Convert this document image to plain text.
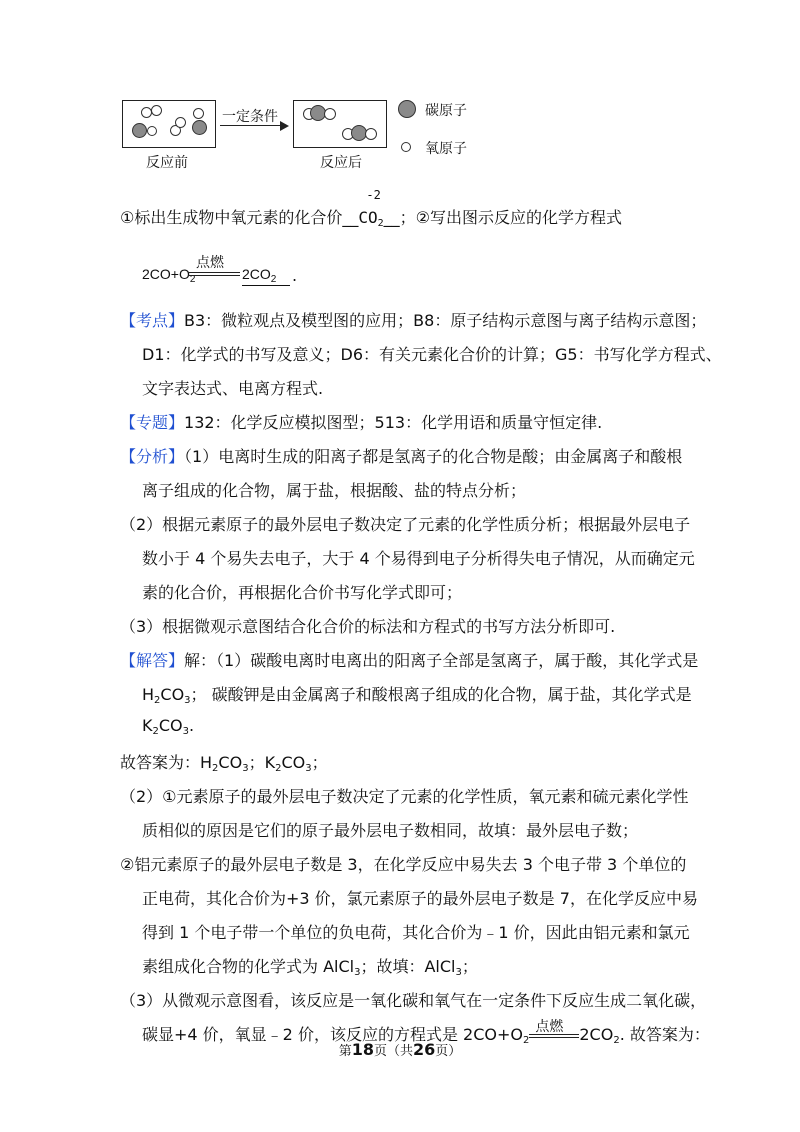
反应前
一定条件
反应后
碳原子
氧原子
①标出生成物中氧元素的化合价__
-2
$CO_2\_\_$；②写出图示反应的化学方程式
$2CO+O_2$
点燃
$2CO_2$ .
【考点】B3：微粒观点及模型图的应用；B8：原子结构示意图与离子结构示意图；
D1：化学式的书写及意义；D6：有关元素化合价的计算；G5：书写化学方程式、
文字表达式、电离方程式.
【专题】132：化学反应模拟图型；513：化学用语和质量守恒定律.
【分析】（1）电离时生成的阳离子都是氢离子的化合物是酸；由金属离子和酸根
离子组成的化合物，属于盐，根据酸、盐的特点分析；
（2）根据元素原子的最外层电子数决定了元素的化学性质分析；根据最外层电子
数小于 4 个易失去电子，大于 4 个易得到电子分析得失电子情况，从而确定元
素的化合价，再根据化合价书写化学式即可；
（3）根据微观示意图结合化合价的标法和方程式的书写方法分析即可.
【解答】解：（1）碳酸电离时电离出的阳离子全部是氢离子，属于酸，其化学式是
$H_2CO_3$； 碳酸钾是由金属离子和酸根离子组成的化合物，属于盐，其化学式是
$K_2CO_3$.
故答案为：$H_2CO_3$；$K_2CO_3$；
（2）①元素原子的最外层电子数决定了元素的化学性质，氧元素和硫元素化学性
质相似的原因是它们的原子最外层电子数相同，故填：最外层电子数；
②铝元素原子的最外层电子数是 3，在化学反应中易失去 3 个电子带 3 个单位的
正电荷，其化合价为+3 价，氯元素原子的最外层电子数是 7，在化学反应中易
得到 1 个电子带一个单位的负电荷，其化合价为﹣1 价，因此由铝元素和氯元
素组成化合物的化学式为 AlCl$_3$；故填：AlCl$_3$；
（3）从微观示意图看，该反应是一氧化碳和氧气在一定条件下反应生成二氧化碳，
碳显+4 价，氧显﹣2 价，该反应的方程式是 $2CO+O_2$
点燃 $2CO_2$. 故答案为：
第18页（共26页）
